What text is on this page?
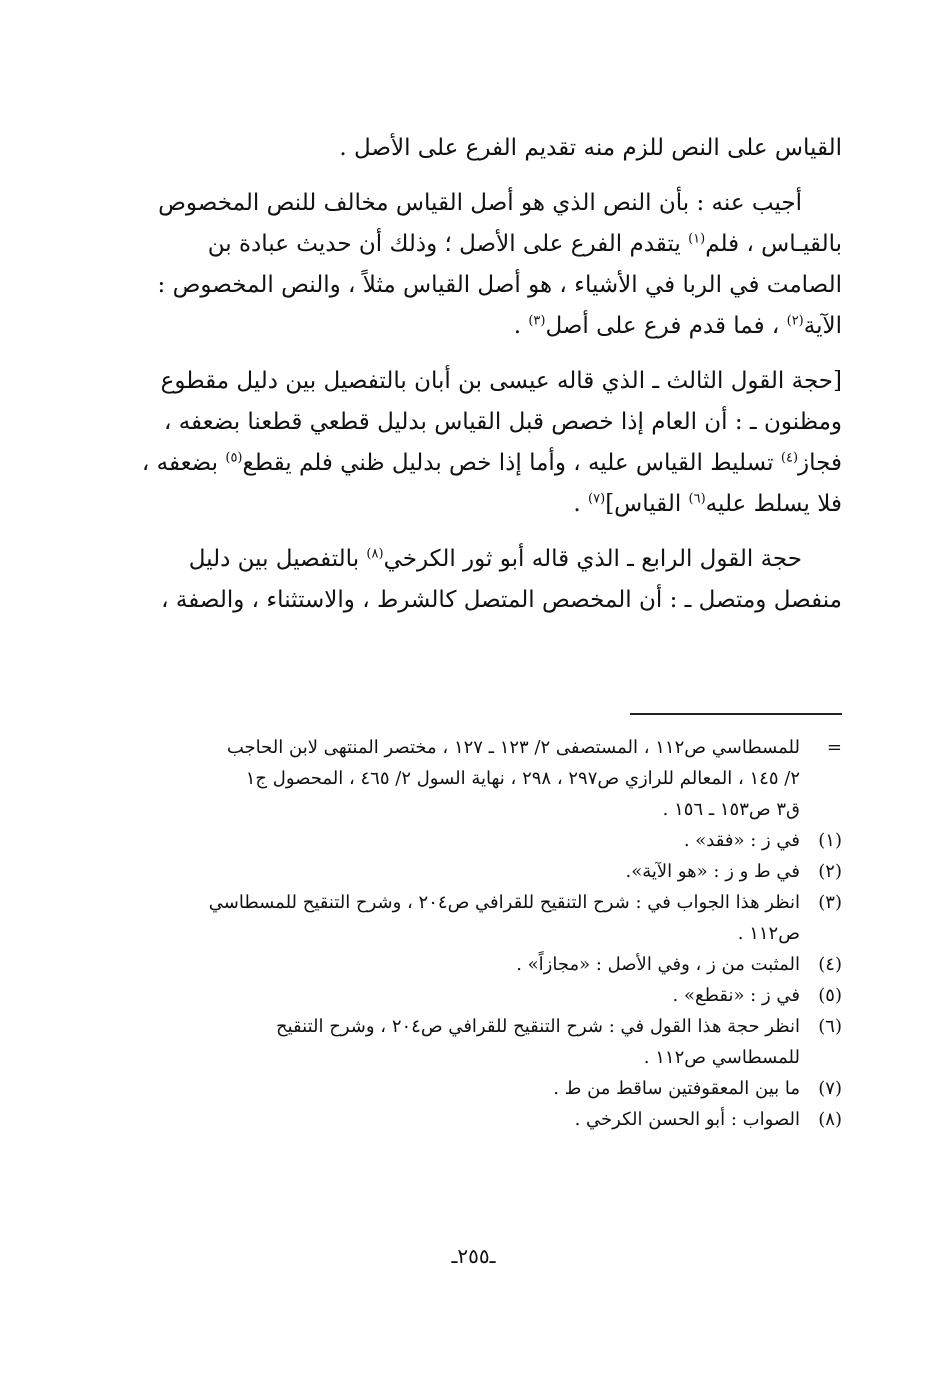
القياس على النص للزم منه تقديم الفرع على الأصل .
أجيب عنه : بأن النص الذي هو أصل القياس مخالف للنص المخصوص
بالقيـاس ، فلم$^{(١)}$ يتقدم الفرع على الأصل ؛ وذلك أن حديث عبادة بن
الصامت في الربا في الأشياء ، هو أصل القياس مثلاً ، والنص المخصوص :
الآية$^{(٢)}$ ، فما قدم فرع على أصل$^{(٣)}$ .
[حجة القول الثالث ـ الذي قاله عيسى بن أبان بالتفصيل بين دليل مقطوع
ومظنون ـ : أن العام إذا خصص قبل القياس بدليل قطعي قطعنا بضعفه ،
فجاز$^{(٤)}$ تسليط القياس عليه ، وأما إذا خص بدليل ظني فلم يقطع$^{(٥)}$ بضعفه ،
فلا يسلط عليه$^{(٦)}$ القياس]$^{(٧)}$ .
حجة القول الرابع ـ الذي قاله أبو ثور الكرخي$^{(٨)}$ بالتفصيل بين دليل
منفصل ومتصل ـ : أن المخصص المتصل كالشرط ، والاستثناء ، والصفة ،
=
للمسطاسي ص١١٢ ، المستصفى ٢/ ١٢٣ ـ ١٢٧ ، مختصر المنتهى لابن الحاجب
٢/ ١٤٥ ، المعالم للرازي ص٢٩٧ ، ٢٩٨ ، نهاية السول ٢/ ٤٦٥ ، المحصول ج١
ق٣ ص١٥٣ ـ ١٥٦ .
(١)
في ز : «فقد» .
(٢)
في ط و ز : «هو الآية».
(٣)
انظر هذا الجواب في : شرح التنقيح للقرافي ص٢٠٤ ، وشرح التنقيح للمسطاسي
ص١١٢ .
(٤)
المثبت من ز ، وفي الأصل : «مجازاً» .
(٥)
في ز : «نقطع» .
(٦)
انظر حجة هذا القول في : شرح التنقيح للقرافي ص٢٠٤ ، وشرح التنقيح
للمسطاسي ص١١٢ .
(٧)
ما بين المعقوفتين ساقط من ط .
(٨)
الصواب : أبو الحسن الكرخي .
ـ٢٥٥ـ
